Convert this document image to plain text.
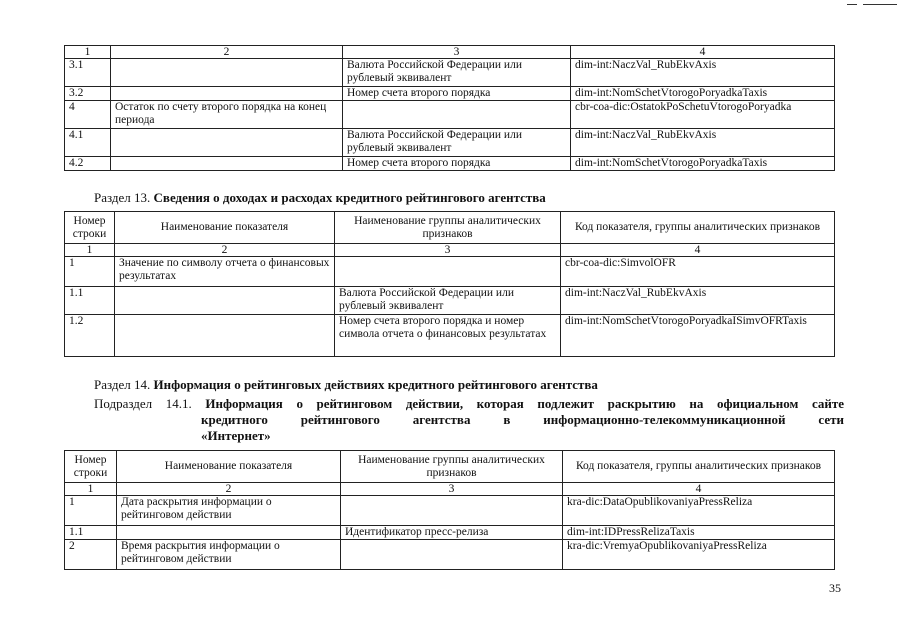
1	2	3	4
3.1		Валюта Российской Федерации или рублевый эквивалент	dim-int:NaczVal_RubEkvAxis
3.2		Номер счета второго порядка	dim-int:NomSchetVtorogoPoryadkaTaxis
4	Остаток по счету второго порядка на конец периода		cbr-coa-dic:OstatokPoSchetuVtorogoPoryadka
4.1		Валюта Российской Федерации или рублевый эквивалент	dim-int:NaczVal_RubEkvAxis
4.2		Номер счета второго порядка	dim-int:NomSchetVtorogoPoryadkaTaxis
Раздел 13. Сведения о доходах и расходах кредитного рейтингового агентства
Номер строки	Наименование показателя	Наименование группы аналитических признаков	Код показателя, группы аналитических признаков
1	2	3	4
1	Значение по символу отчета о финансовых результатах		cbr-coa-dic:SimvolOFR
1.1		Валюта Российской Федерации или рублевый эквивалент	dim-int:NaczVal_RubEkvAxis
1.2		Номер счета второго порядка и номер символа отчета о финансовых результатах	dim-int:NomSchetVtorogoPoryadkaISimvOFRTaxis
Раздел 14. Информация о рейтинговых действиях кредитного рейтингового агентства
Подраздел 14.1. Информация о рейтинговом действии, которая подлежит раскрытию на официальном сайте
кредитного рейтингового агентства в информационно-телекоммуникационной сети
«Интернет»
Номер строки	Наименование показателя	Наименование группы аналитических признаков	Код показателя, группы аналитических признаков
1	2	3	4
1	Дата раскрытия информации о рейтинговом действии		kra-dic:DataOpublikovaniyaPressReliza
1.1		Идентификатор пресс-релиза	dim-int:IDPressRelizaTaxis
2	Время раскрытия информации о рейтинговом действии		kra-dic:VremyaOpublikovaniyaPressReliza
35
